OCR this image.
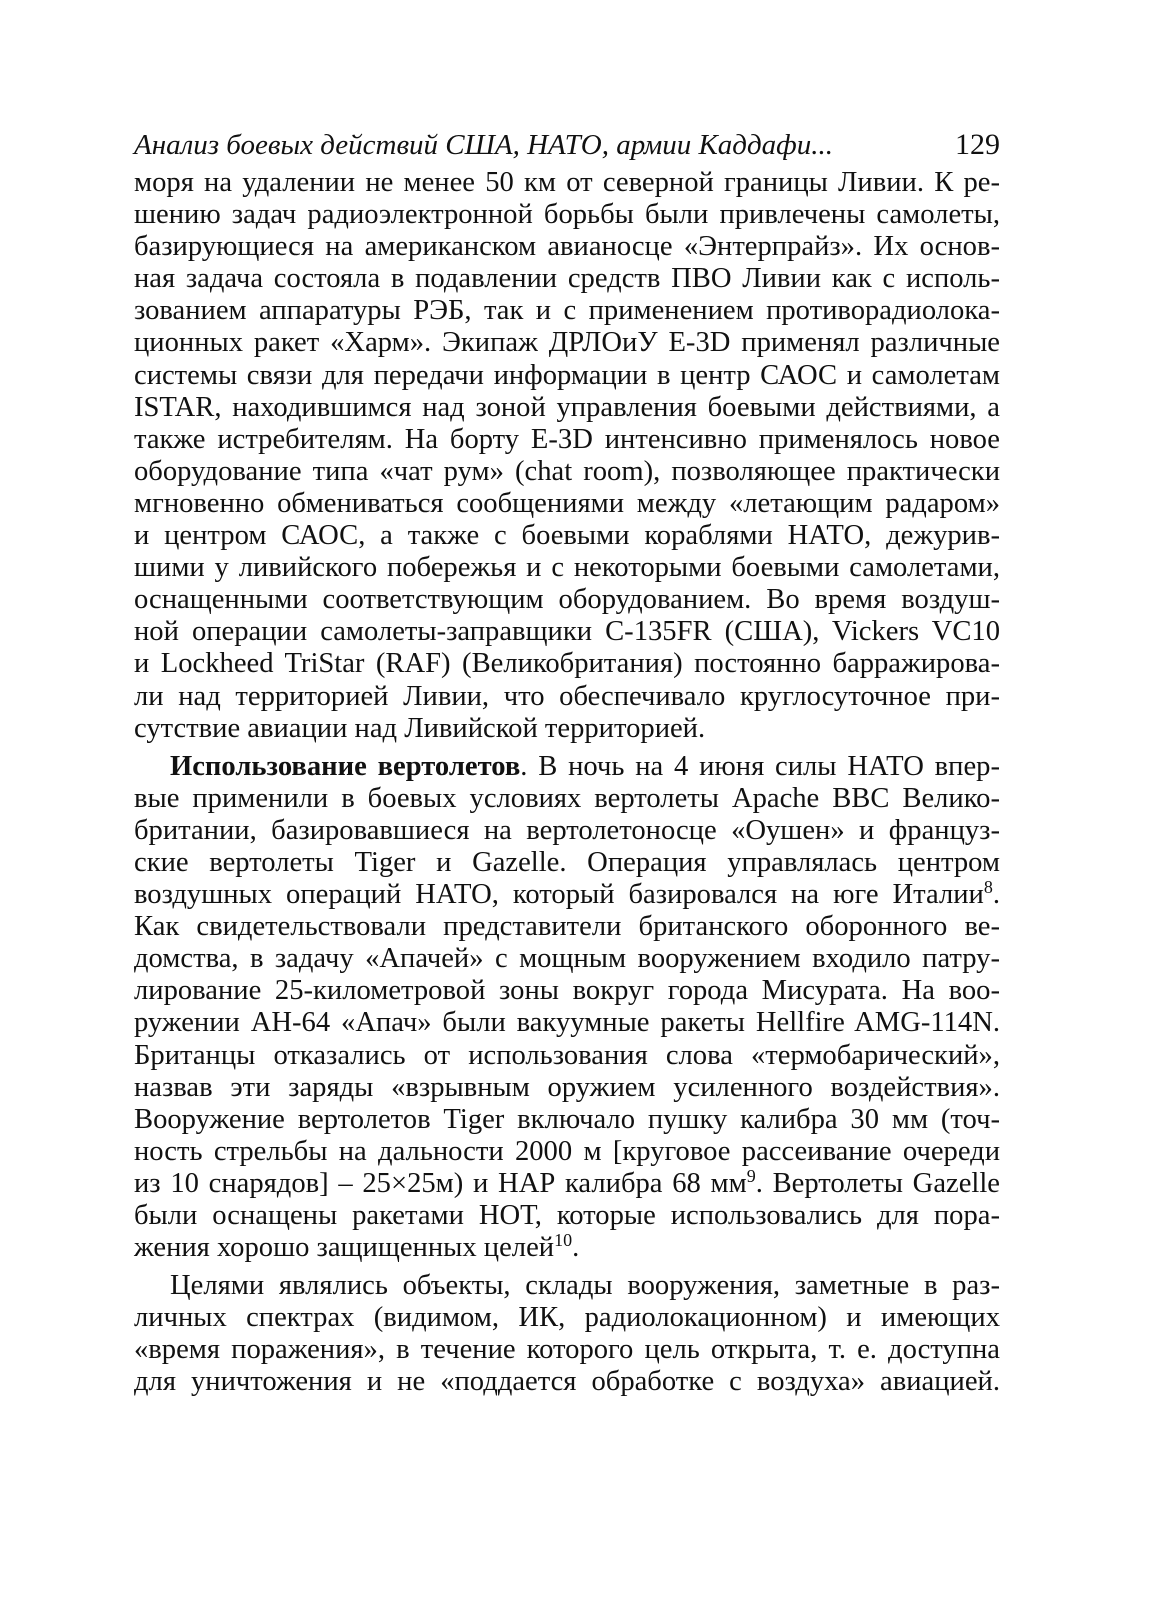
Анализ боевых действий США, НАТО, армии Каддафи...	129
моря на удалении не менее 50 км от северной границы Ливии. К ре-
шению задач радиоэлектронной борьбы были привлечены самолеты,
базирующиеся на американском авианосце «Энтерпрайз». Их основ-
ная задача состояла в подавлении средств ПВО Ливии как с исполь-
зованием аппаратуры РЭБ, так и с применением противорадиолока-
ционных ракет «Харм». Экипаж ДРЛОиУ Е-3D применял различные
системы связи для передачи информации в центр САОС и самолетам
ISTAR, находившимся над зоной управления боевыми действиями, а
также истребителям. На борту Е-3D интенсивно применялось новое
оборудование типа «чат рум» (chat room), позволяющее практически
мгновенно обмениваться сообщениями между «летающим радаром»
и центром САОС, а также с боевыми кораблями НАТО, дежурив-
шими у ливийского побережья и с некоторыми боевыми самолетами,
оснащенными соответствующим оборудованием. Во время воздуш-
ной операции самолеты-заправщики С-135FR (США), Vickers VC10
и Lockheed TriStar (RAF) (Великобритания) постоянно барражирова-
ли над территорией Ливии, что обеспечивало круглосуточное при-
сутствие авиации над Ливийской территорией.
Использование вертолетов. В ночь на 4 июня силы НАТО впер-
вые применили в боевых условиях вертолеты Apache ВВС Велико-
британии, базировавшиеся на вертолетоносце «Оушен» и француз-
ские вертолеты Tiger и Gazelle. Операция управлялась центром
воздушных операций НАТО, который базировался на юге Италии$^8$.
Как свидетельствовали представители британского оборонного ве-
домства, в задачу «Апачей» с мощным вооружением входило патру-
лирование 25-километровой зоны вокруг города Мисурата. На воо-
ружении АН-64 «Апач» были вакуумные ракеты Hellfire AMG-114N.
Британцы отказались от использования слова «термобарический»,
назвав эти заряды «взрывным оружием усиленного воздействия».
Вооружение вертолетов Tiger включало пушку калибра 30 мм (точ-
ность стрельбы на дальности 2000 м [круговое рассеивание очереди
из 10 снарядов] – 25×25м) и НАР калибра 68 $мм^9$. Вертолеты Gazelle
были оснащены ракетами НОТ, которые использовались для пора-
жения хорошо защищенных целей$^{10}$.
Целями являлись объекты, склады вооружения, заметные в раз-
личных спектрах (видимом, ИК, радиолокационном) и имеющих
«время поражения», в течение которого цель открыта, т. е. доступна
для уничтожения и не «поддается обработке с воздуха» авиацией.
